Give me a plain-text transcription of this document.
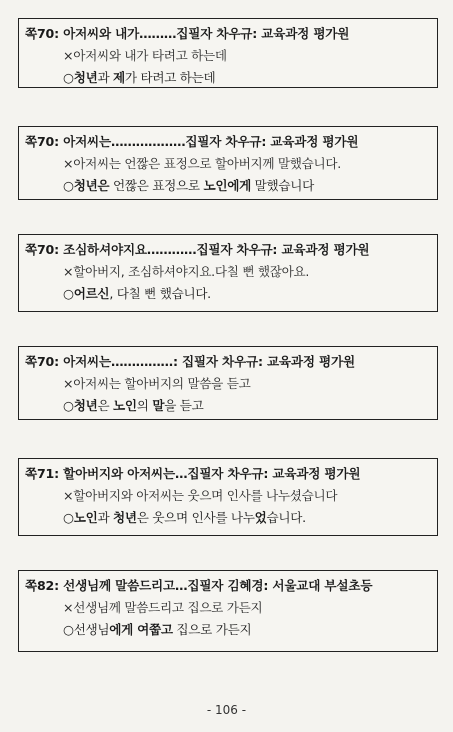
쪽70: 아저씨와 내가………집필자 차우규: 교육과정 평가원
×아저씨와 내가 타려고 하는데
○청년과 제가 타려고 하는데
쪽70: 아저씨는………………집필자 차우규: 교육과정 평가원
×아저씨는 언짢은 표정으로 할아버지께 말했습니다.
○청년은 언짢은 표정으로 노인에게 말했습니다
쪽70: 조심하셔야지요…………집필자 차우규: 교육과정 평가원
×할아버지, 조심하셔야지요.다칠 뻔 했잖아요.
○어르신, 다칠 뻔 했습니다.
쪽70: 아저씨는……………: 집필자 차우규: 교육과정 평가원
×아저씨는 할아버지의 말씀을 듣고
○청년은 노인의 말을 듣고
쪽71: 할아버지와 아저씨는…집필자 차우규: 교육과정 평가원
×할아버지와 아저씨는 웃으며 인사를 나누셨습니다
○노인과 청년은 웃으며 인사를 나누었습니다.
쪽82: 선생님께 말씀드리고…집필자 김혜경: 서울교대 부설초등
×선생님께 말씀드리고 집으로 가든지
○선생님에게 여쭙고 집으로 가든지
- 106 -
